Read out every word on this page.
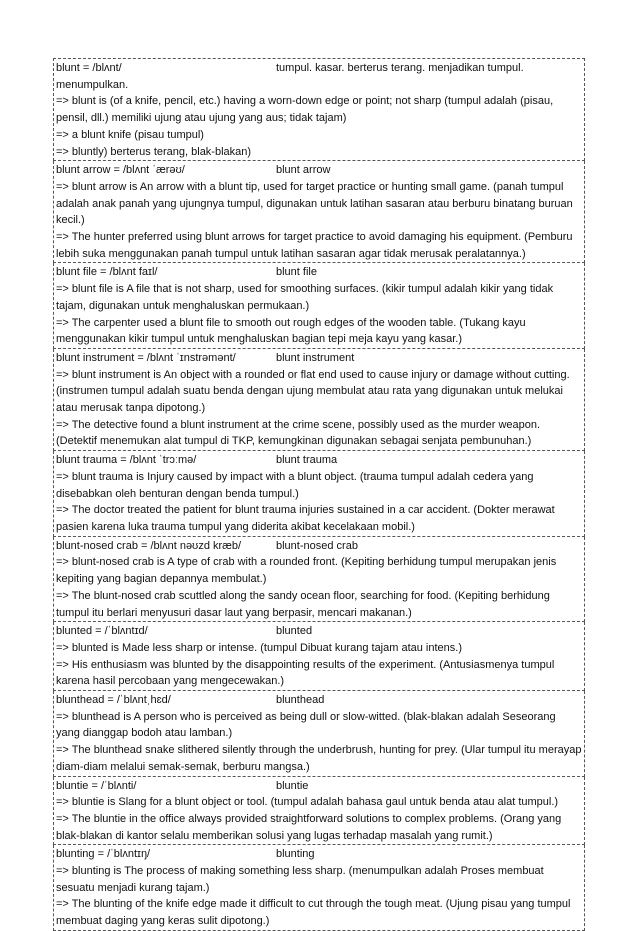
blunt = /blʌnt/	tumpul. kasar. berterus terang. menjadikan tumpul. menumpulkan.
=> blunt is (of a knife, pencil, etc.) having a worn-down edge or point; not sharp (tumpul adalah (pisau, pensil, dll.) memiliki ujung atau ujung yang aus; tidak tajam)
=> a blunt knife (pisau tumpul)
=> bluntly) berterus terang, blak-blakan)
blunt arrow = /blʌnt ˈærəʊ/	blunt arrow
=> blunt arrow is An arrow with a blunt tip, used for target practice or hunting small game. (panah tumpul adalah anak panah yang ujungnya tumpul, digunakan untuk latihan sasaran atau berburu binatang buruan kecil.)
=> The hunter preferred using blunt arrows for target practice to avoid damaging his equipment. (Pemburu lebih suka menggunakan panah tumpul untuk latihan sasaran agar tidak merusak peralatannya.)
blunt file = /blʌnt faɪl/	blunt file
=> blunt file is A file that is not sharp, used for smoothing surfaces. (kikir tumpul adalah kikir yang tidak tajam, digunakan untuk menghaluskan permukaan.)
=> The carpenter used a blunt file to smooth out rough edges of the wooden table. (Tukang kayu menggunakan kikir tumpul untuk menghaluskan bagian tepi meja kayu yang kasar.)
blunt instrument = /blʌnt ˈɪnstrəmənt/	blunt instrument
=> blunt instrument is An object with a rounded or flat end used to cause injury or damage without cutting. (instrumen tumpul adalah suatu benda dengan ujung membulat atau rata yang digunakan untuk melukai atau merusak tanpa dipotong.)
=> The detective found a blunt instrument at the crime scene, possibly used as the murder weapon. (Detektif menemukan alat tumpul di TKP, kemungkinan digunakan sebagai senjata pembunuhan.)
blunt trauma = /blʌnt ˈtrɔːmə/	blunt trauma
=> blunt trauma is Injury caused by impact with a blunt object. (trauma tumpul adalah cedera yang disebabkan oleh benturan dengan benda tumpul.)
=> The doctor treated the patient for blunt trauma injuries sustained in a car accident. (Dokter merawat pasien karena luka trauma tumpul yang diderita akibat kecelakaan mobil.)
blunt-nosed crab = /blʌnt nəʊzd kræb/	blunt-nosed crab
=> blunt-nosed crab is A type of crab with a rounded front. (Kepiting berhidung tumpul merupakan jenis kepiting yang bagian depannya membulat.)
=> The blunt-nosed crab scuttled along the sandy ocean floor, searching for food. (Kepiting berhidung tumpul itu berlari menyusuri dasar laut yang berpasir, mencari makanan.)
blunted = /ˈblʌntɪd/	blunted
=> blunted is Made less sharp or intense. (tumpul Dibuat kurang tajam atau intens.)
=> His enthusiasm was blunted by the disappointing results of the experiment. (Antusiasmenya tumpul karena hasil percobaan yang mengecewakan.)
blunthead = /ˈblʌntˌhɛd/	blunthead
=> blunthead is A person who is perceived as being dull or slow-witted. (blak-blakan adalah Seseorang yang dianggap bodoh atau lamban.)
=> The blunthead snake slithered silently through the underbrush, hunting for prey. (Ular tumpul itu merayap diam-diam melalui semak-semak, berburu mangsa.)
bluntie = /ˈblʌnti/	bluntie
=> bluntie is Slang for a blunt object or tool. (tumpul adalah bahasa gaul untuk benda atau alat tumpul.)
=> The bluntie in the office always provided straightforward solutions to complex problems. (Orang yang blak-blakan di kantor selalu memberikan solusi yang lugas terhadap masalah yang rumit.)
blunting = /ˈblʌntɪŋ/	blunting
=> blunting is The process of making something less sharp. (menumpulkan adalah Proses membuat sesuatu menjadi kurang tajam.)
=> The blunting of the knife edge made it difficult to cut through the tough meat. (Ujung pisau yang tumpul membuat daging yang keras sulit dipotong.)
